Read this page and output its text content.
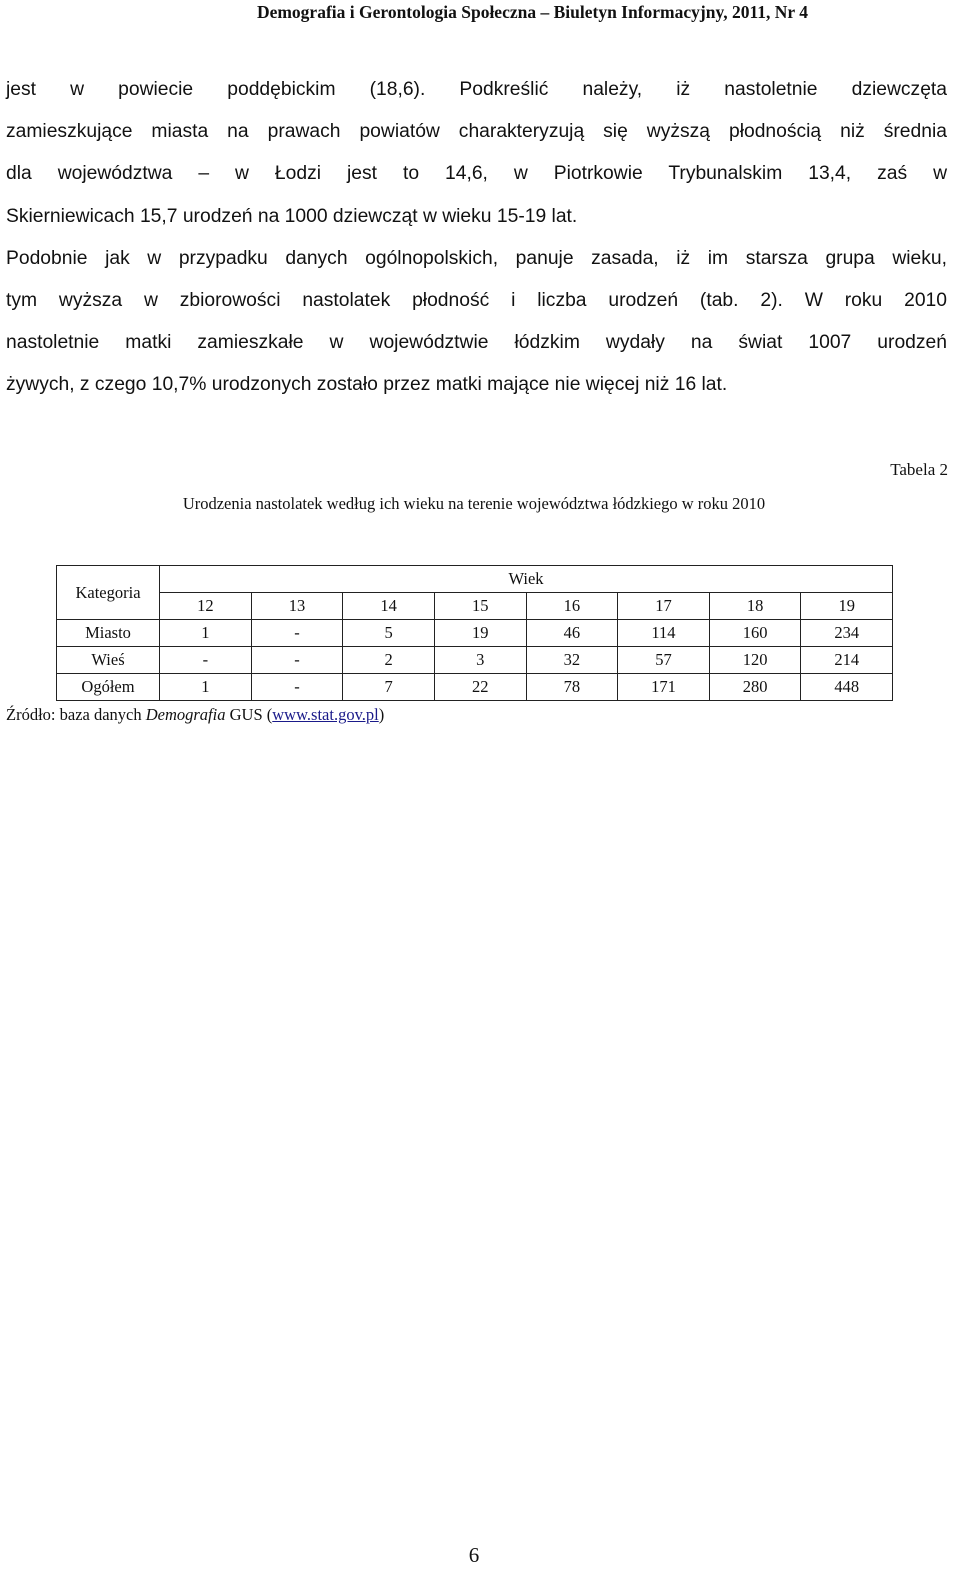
Demografia i Gerontologia Społeczna – Biuletyn Informacyjny, 2011, Nr 4
jest w powiecie poddębickim (18,6). Podkreślić należy, iż nastoletnie dziewczęta
zamieszkujące miasta na prawach powiatów charakteryzują się wyższą płodnością niż średnia
dla województwa – w Łodzi jest to 14,6, w Piotrkowie Trybunalskim 13,4, zaś w
Skierniewicach 15,7 urodzeń na 1000 dziewcząt w wieku 15-19 lat.
Podobnie jak w przypadku danych ogólnopolskich, panuje zasada, iż im starsza grupa wieku,
tym wyższa w zbiorowości nastolatek płodność i liczba urodzeń (tab. 2). W roku 2010
nastoletnie matki zamieszkałe w województwie łódzkim wydały na świat 1007 urodzeń
żywych, z czego 10,7% urodzonych zostało przez matki mające nie więcej niż 16 lat.
Tabela 2
Urodzenia nastolatek według ich wieku na terenie województwa łódzkiego w roku 2010
Kategoria	Wiek							
	12	13	14	15	16	17	18	19
Miasto	1	-	5	19	46	114	160	234
Wieś	-	-	2	3	32	57	120	214
Ogółem	1	-	7	22	78	171	280	448
Źródło: baza danych Demografia GUS (www.stat.gov.pl)
6
